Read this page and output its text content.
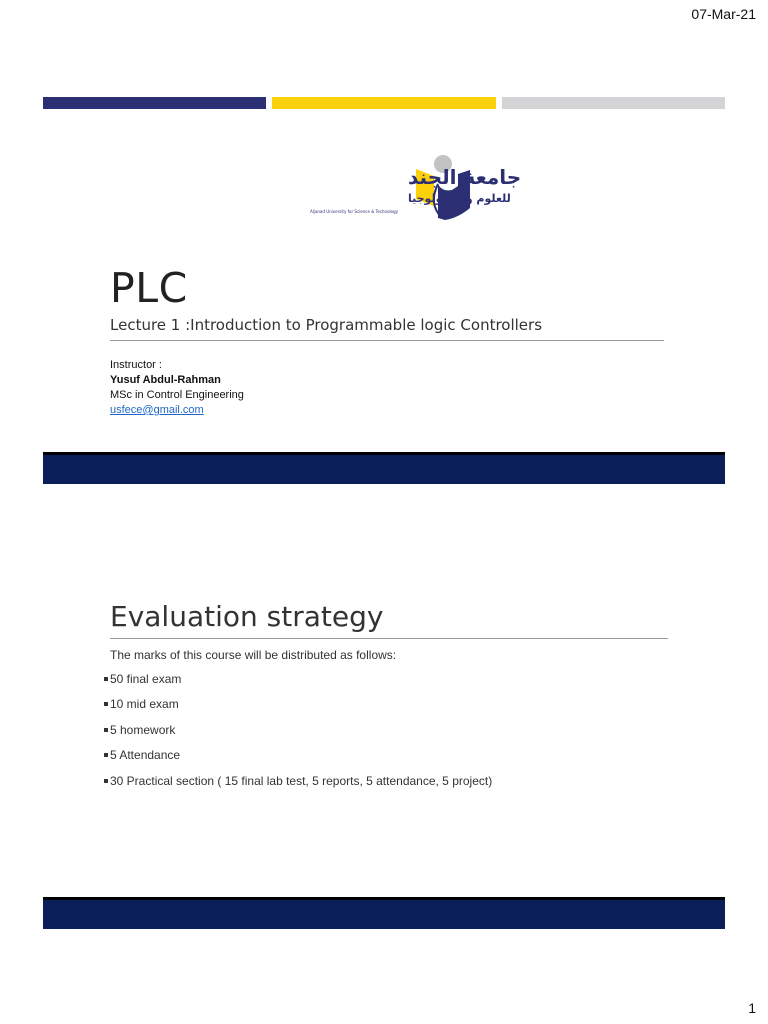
07-Mar-21
1
جامعة الجند
للعلوم والتكنولوجيا
Aljanad University for Science & Technology
PLC
Lecture 1 :Introduction to Programmable logic Controllers
Instructor :
Yusuf Abdul-Rahman
MSc in Control Engineering
usfece@gmail.com
Evaluation strategy
The marks of this course will be distributed as follows:
50 final exam
10 mid exam
5 homework
5 Attendance
30 Practical section ( 15 final lab test, 5 reports, 5 attendance, 5 project)
